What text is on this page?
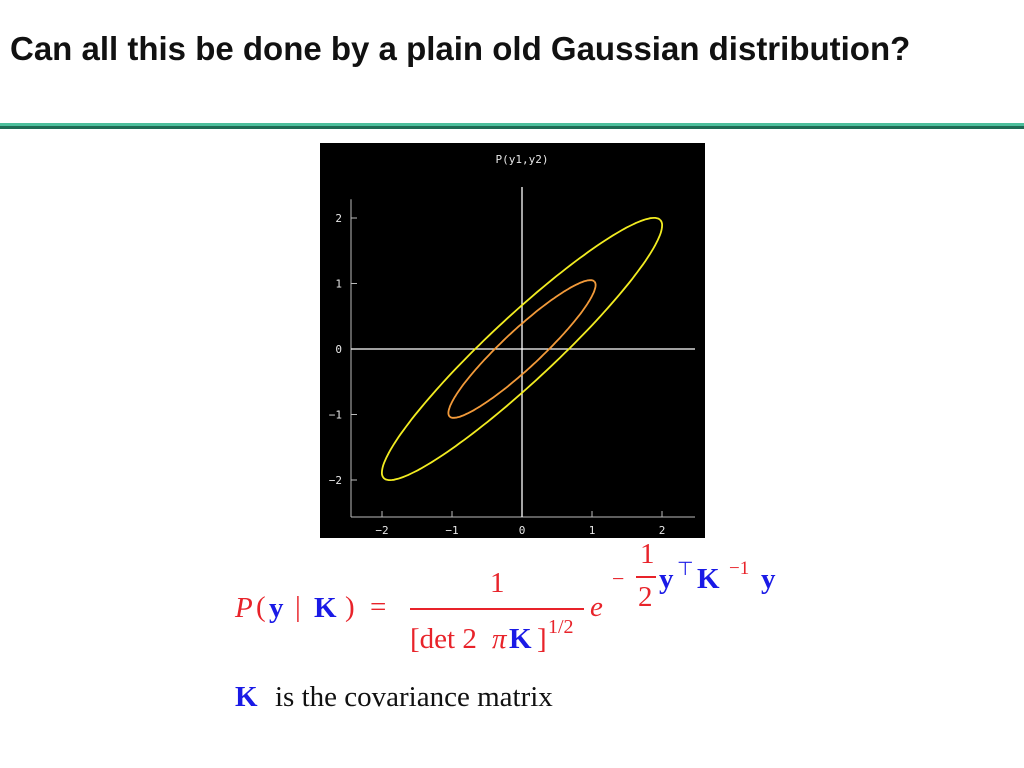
Can all this be done by a plain old Gaussian distribution?
P(y1,y2)
−2
−1
0
1
2
−2	−1	0	1	2
P ( y | K ) =
1
[det 2 π K ] 1/2
e
−
1
2
y ⊤ K −1 y
K is the covariance matrix
